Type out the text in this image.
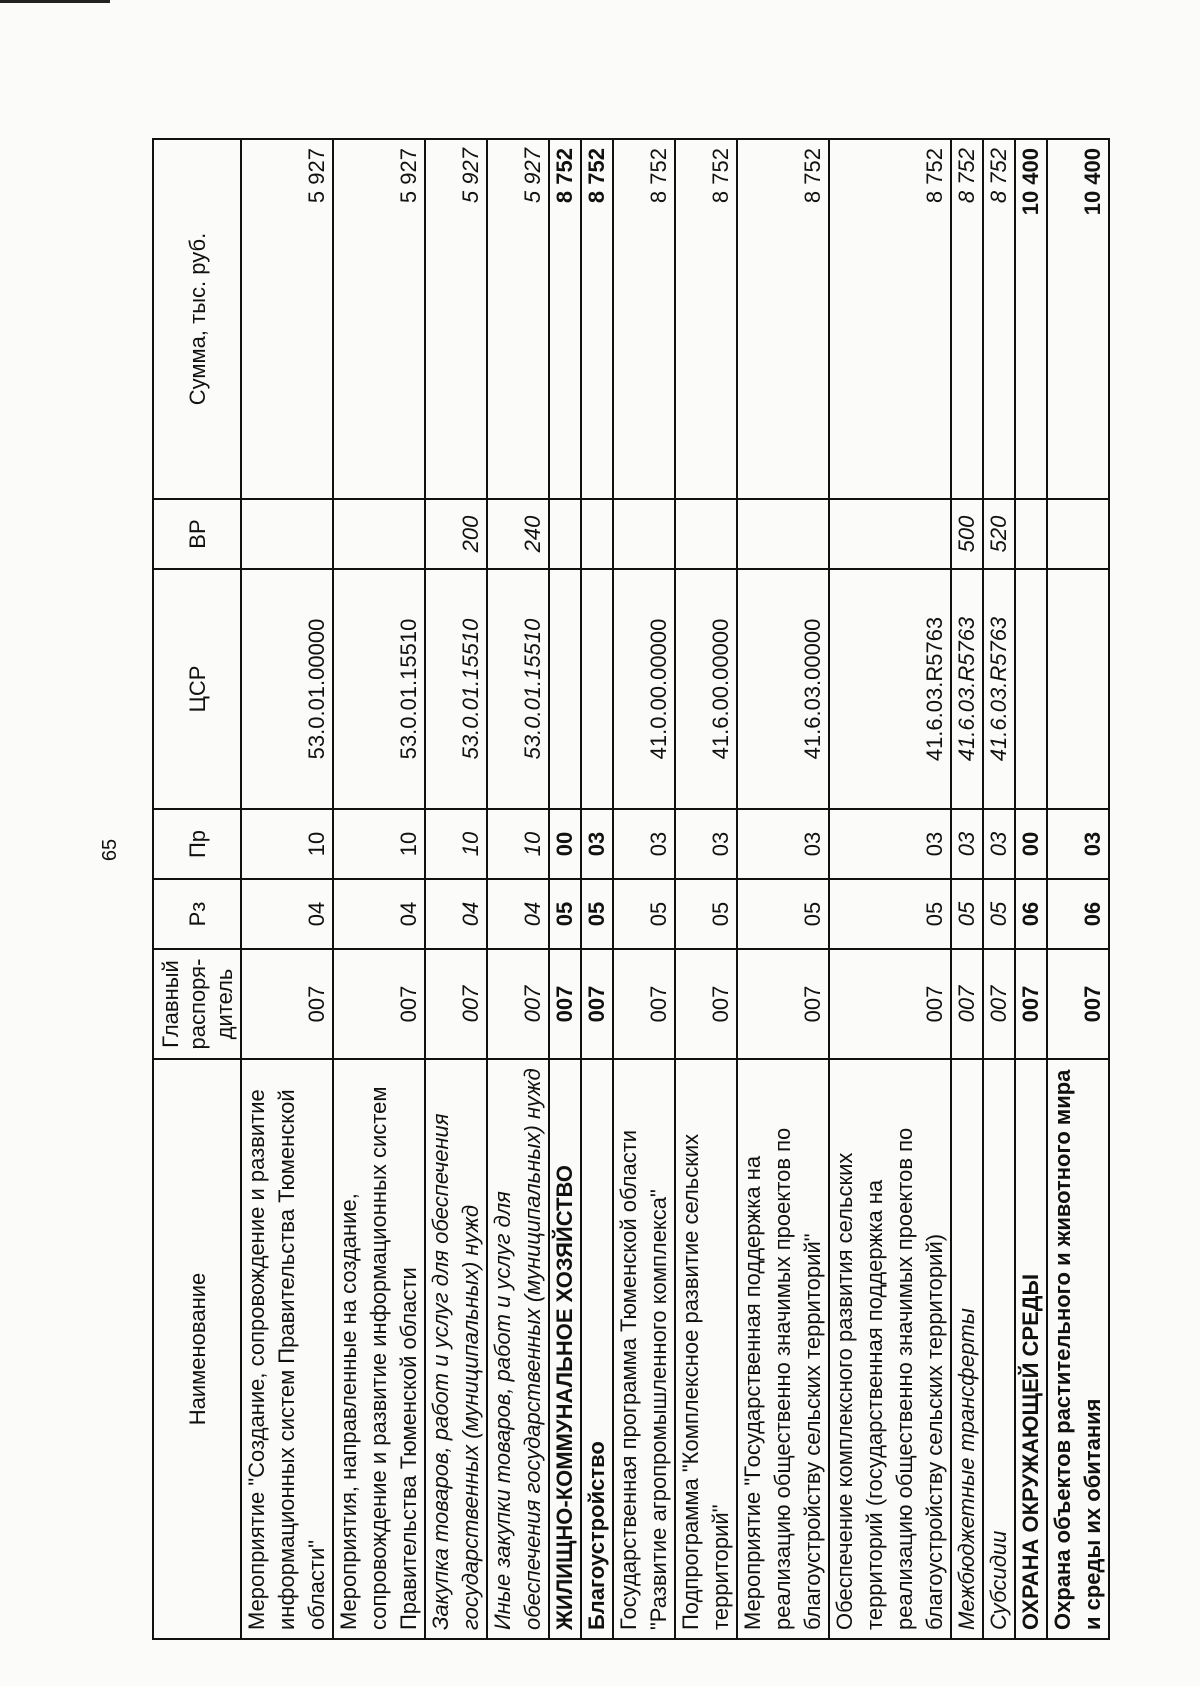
65
Наименование	Главный распоря-дитель	Рз	Пр	ЦСР	ВР	Сумма, тыс. руб.
Мероприятие "Создание, сопровождение и развитие информационных систем Правительства Тюменской области"	007	04	10	53.0.01.00000		5 927
Мероприятия, направленные на создание, сопровождение и развитие информационных систем Правительства Тюменской области	007	04	10	53.0.01.15510		5 927
Закупка товаров, работ и услуг для обеспечения государственных (муниципальных) нужд	007	04	10	53.0.01.15510	200	5 927
Иные закупки товаров, работ и услуг для обеспечения государственных (муниципальных) нужд	007	04	10	53.0.01.15510	240	5 927
ЖИЛИЩНО-КОММУНАЛЬНОЕ ХОЗЯЙСТВО	007	05	00			8 752
Благоустройство	007	05	03			8 752
Государственная программа Тюменской области "Развитие агропромышленного комплекса"	007	05	03	41.0.00.00000		8 752
Подпрограмма "Комплексное развитие сельских территорий"	007	05	03	41.6.00.00000		8 752
Мероприятие "Государственная поддержка на реализацию общественно значимых проектов по благоустройству сельских территорий"	007	05	03	41.6.03.00000		8 752
Обеспечение комплексного развития сельских территорий (государственная поддержка на реализацию общественно значимых проектов по благоустройству сельских территорий)	007	05	03	41.6.03.R5763		8 752
Межбюджетные трансферты	007	05	03	41.6.03.R5763	500	8 752
Субсидии	007	05	03	41.6.03.R5763	520	8 752
ОХРАНА ОКРУЖАЮЩЕЙ СРЕДЫ	007	06	00			10 400
Охрана объектов растительного и животного мира и среды их обитания	007	06	03			10 400
